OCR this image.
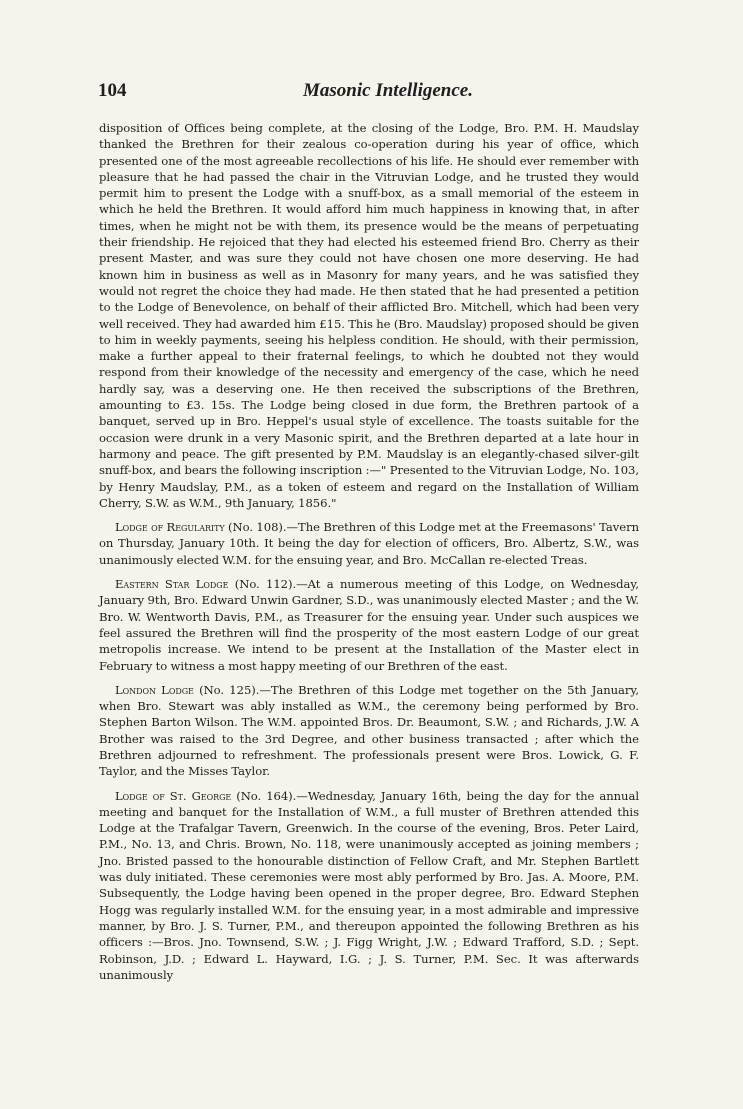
104	Masonic Intelligence.

disposition of Offices being complete, at the closing of the Lodge, Bro. P.M. H. Maudslay thanked the Brethren for their zealous co-operation during his year of office, which presented one of the most agreeable recollections of his life. He should ever remember with pleasure that he had passed the chair in the Vitruvian Lodge, and he trusted they would permit him to present the Lodge with a snuff-box, as a small memorial of the esteem in which he held the Brethren. It would afford him much happiness in knowing that, in after times, when he might not be with them, its presence would be the means of perpetuating their friendship. He rejoiced that they had elected his esteemed friend Bro. Cherry as their present Master, and was sure they could not have chosen one more deserving. He had known him in business as well as in Masonry for many years, and he was satisfied they would not regret the choice they had made. He then stated that he had presented a petition to the Lodge of Benevolence, on behalf of their afflicted Bro. Mitchell, which had been very well received. They had awarded him £15. This he (Bro. Maudslay) proposed should be given to him in weekly payments, seeing his helpless condition. He should, with their permission, make a further appeal to their fraternal feelings, to which he doubted not they would respond from their knowledge of the necessity and emergency of the case, which he need hardly say, was a deserving one. He then received the subscriptions of the Brethren, amounting to £3. 15s. The Lodge being closed in due form, the Brethren partook of a banquet, served up in Bro. Heppel's usual style of excellence. The toasts suitable for the occasion were drunk in a very Masonic spirit, and the Brethren departed at a late hour in harmony and peace. The gift presented by P.M. Maudslay is an elegantly-chased silver-gilt snuff-box, and bears the following inscription :—" Presented to the Vitruvian Lodge, No. 103, by Henry Maudslay, P.M., as a token of esteem and regard on the Installation of William Cherry, S.W. as W.M., 9th January, 1856."

Lodge of Regularity (No. 108).—The Brethren of this Lodge met at the Freemasons' Tavern on Thursday, January 10th. It being the day for election of officers, Bro. Albertz, S.W., was unanimously elected W.M. for the ensuing year, and Bro. McCallan re-elected Treas.

Eastern Star Lodge (No. 112).—At a numerous meeting of this Lodge, on Wednesday, January 9th, Bro. Edward Unwin Gardner, S.D., was unanimously elected Master ; and the W. Bro. W. Wentworth Davis, P.M., as Treasurer for the ensuing year. Under such auspices we feel assured the Brethren will find the prosperity of the most eastern Lodge of our great metropolis increase. We intend to be present at the Installation of the Master elect in February to witness a most happy meeting of our Brethren of the east.

London Lodge (No. 125).—The Brethren of this Lodge met together on the 5th January, when Bro. Stewart was ably installed as W.M., the ceremony being performed by Bro. Stephen Barton Wilson. The W.M. appointed Bros. Dr. Beaumont, S.W. ; and Richards, J.W. A Brother was raised to the 3rd Degree, and other business transacted ; after which the Brethren adjourned to refreshment. The professionals present were Bros. Lowick, G. F. Taylor, and the Misses Taylor.

Lodge of St. George (No. 164).—Wednesday, January 16th, being the day for the annual meeting and banquet for the Installation of W.M., a full muster of Brethren attended this Lodge at the Trafalgar Tavern, Greenwich. In the course of the evening, Bros. Peter Laird, P.M., No. 13, and Chris. Brown, No. 118, were unanimously accepted as joining members ; Jno. Bristed passed to the honourable distinction of Fellow Craft, and Mr. Stephen Bartlett was duly initiated. These ceremonies were most ably performed by Bro. Jas. A. Moore, P.M. Subsequently, the Lodge having been opened in the proper degree, Bro. Edward Stephen Hogg was regularly installed W.M. for the ensuing year, in a most admirable and impressive manner, by Bro. J. S. Turner, P.M., and thereupon appointed the following Brethren as his officers :—Bros. Jno. Townsend, S.W. ; J. Figg Wright, J.W. ; Edward Trafford, S.D. ; Sept. Robinson, J.D. ; Edward L. Hayward, I.G. ; J. S. Turner, P.M. Sec. It was afterwards unanimously
